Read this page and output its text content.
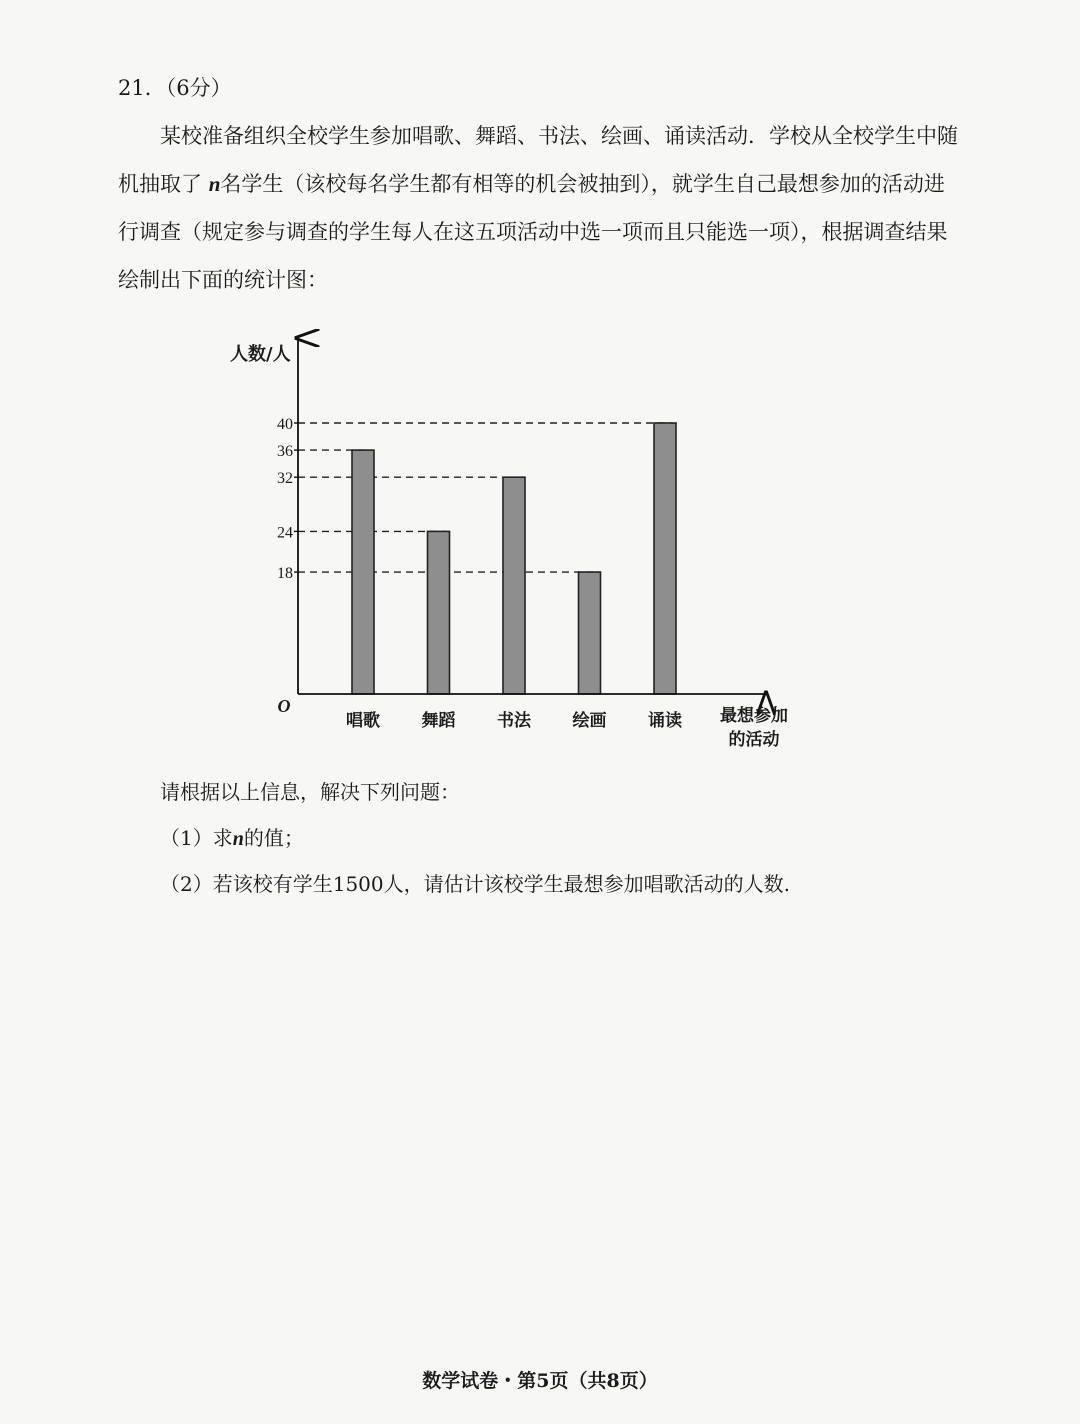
21．（6分）
某校准备组织全校学生参加唱歌、舞蹈、书法、绘画、诵读活动．学校从全校学生中随
机抽取了 n名学生（该校每名学生都有相等的机会被抽到），就学生自己最想参加的活动进
行调查（规定参与调查的学生每人在这五项活动中选一项而且只能选一项），根据调查结果
绘制出下面的统计图：
唱歌 舞蹈 书法 绘画 诵读
18
24
32
36
40
人数/人
O	最想参加
的活动
请根据以上信息，解决下列问题：
（1）求n的值；
（2）若该校有学生1500人，请估计该校学生最想参加唱歌活动的人数.
数学试卷・第5页（共8页）
